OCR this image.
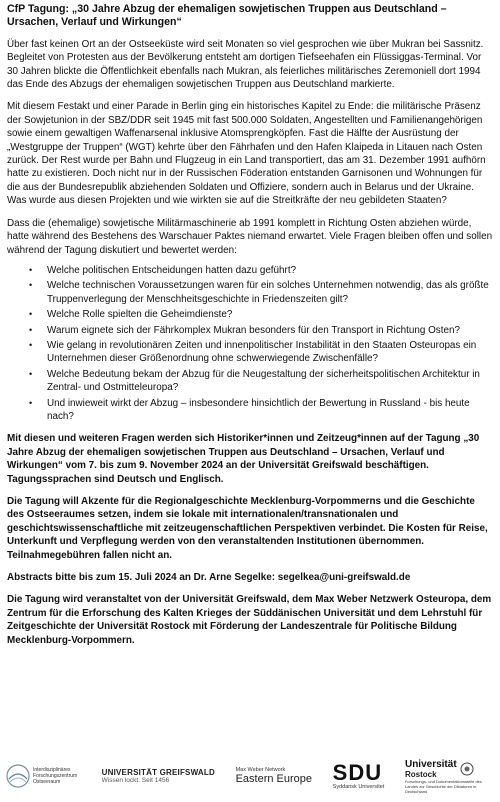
CfP Tagung: „30 Jahre Abzug der ehemaligen sowjetischen Truppen aus Deutschland – Ursachen, Verlauf und Wirkungen“

Über fast keinen Ort an der Ostseeküste wird seit Monaten so viel gesprochen wie über Mukran bei Sassnitz. Begleitet von Protesten aus der Bevölkerung entsteht am dortigen Tiefseehafen ein Flüssiggas-Terminal. Vor 30 Jahren blickte die Öffentlichkeit ebenfalls nach Mukran, als feierliches militärisches Zeremoniell dort 1994 das Ende des Abzugs der ehemaligen sowjetischen Truppen aus Deutschland markierte.

Mit diesem Festakt und einer Parade in Berlin ging ein historisches Kapitel zu Ende: die militärische Präsenz der Sowjetunion in der SBZ/DDR seit 1945 mit fast 500.000 Soldaten, Angestellten und Familienangehörigen sowie einem gewaltigen Waffenarsenal inklusive Atomsprengköpfen. Fast die Hälfte der Ausrüstung der „Westgruppe der Truppen“ (WGT) kehrte über den Fährhafen und den Hafen Klaipeda in Litauen nach Osten zurück. Der Rest wurde per Bahn und Flugzeug in ein Land transportiert, das am 31. Dezember 1991 aufhörn hatte zu existieren. Doch nicht nur in der Russischen Föderation entstanden Garnisonen und Wohnungen für die aus der Bundesrepublik abziehenden Soldaten und Offiziere, sondern auch in Belarus und der Ukraine. Was wurde aus diesen Projekten und wie wirkten sie auf die Streitkräfte der neu gebildeten Staaten?

Dass die (ehemalige) sowjetische Militärmaschinerie ab 1991 komplett in Richtung Osten abziehen würde, hatte während des Bestehens des Warschauer Paktes niemand erwartet. Viele Fragen bleiben offen und sollen während der Tagung diskutiert und bewertet werden:

• Welche politischen Entscheidungen hatten dazu geführt?
• Welche technischen Voraussetzungen waren für ein solches Unternehmen notwendig, das als größte Truppenverlegung der Menschheitsgeschichte in Friedenszeiten gilt?
• Welche Rolle spielten die Geheimdienste?
• Warum eignete sich der Fährkomplex Mukran besonders für den Transport in Richtung Osten?
• Wie gelang in revolutionären Zeiten und innenpolitischer Instabilität in den Staaten Osteuropas ein Unternehmen dieser Größenordnung ohne schwerwiegende Zwischenfälle?
• Welche Bedeutung bekam der Abzug für die Neugestaltung der sicherheitspolitischen Architektur in Zentral- und Ostmitteleuropa?
• Und inwieweit wirkt der Abzug – insbesondere hinsichtlich der Bewertung in Russland - bis heute nach?

Mit diesen und weiteren Fragen werden sich Historiker*innen und Zeitzeug*innen auf der Tagung „30 Jahre Abzug der ehemaligen sowjetischen Truppen aus Deutschland – Ursachen, Verlauf und Wirkungen“ vom 7. bis zum 9. November 2024 an der Universität Greifswald beschäftigen. Tagungssprachen sind Deutsch und Englisch.

Die Tagung will Akzente für die Regionalgeschichte Mecklenburg-Vorpommerns und die Geschichte des Ostseeraumes setzen, indem sie lokale mit internationalen/transnationalen und geschichtswissenschaftliche mit zeitzeugenschaftlichen Perspektiven verbindet. Die Kosten für Reise, Unterkunft und Verpflegung werden von den veranstaltenden Institutionen übernommen. Teilnahmegebühren fallen nicht an.

Abstracts bitte bis zum 15. Juli 2024 an Dr. Arne Segelke: segelkea@uni-greifswald.de

Die Tagung wird veranstaltet von der Universität Greifswald, dem Max Weber Netzwerk Osteuropa, dem Zentrum für die Erforschung des Kalten Krieges der Süddänischen Universität und dem Lehrstuhl für Zeitgeschichte der Universität Rostock mit Förderung der Landeszentrale für Politische Bildung Mecklenburg-Vorpommern.

Interdisziplinäres Forschungszentrum Ostseeraum
UNIVERSITÄT GREIFSWALD
Wissen lockt. Seit 1456
Max Weber Network
Eastern Europe SDU
Syddansk Universitet
Universität
Rostock
Forschungs- und Dokumentationsstelle des Landes zur Geschichte der Diktaturen in Deutschland
